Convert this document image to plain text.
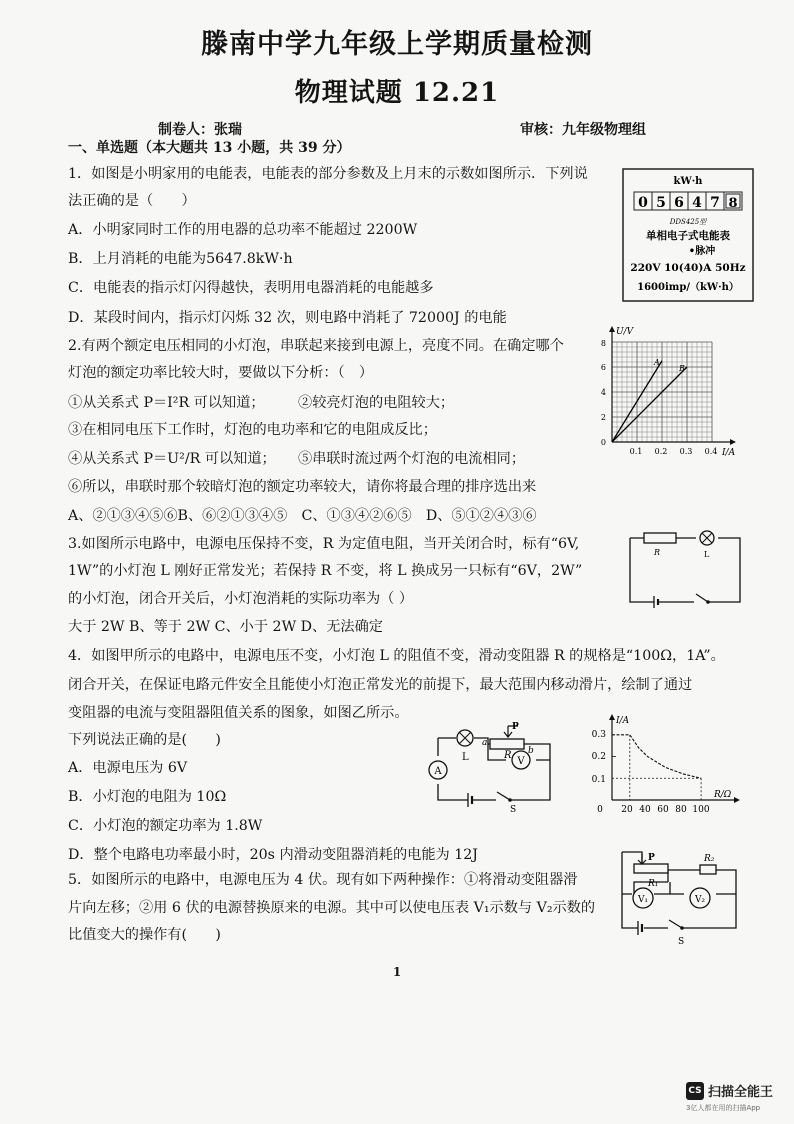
滕南中学九年级上学期质量检测
物理试题 12.21
制卷人：张瑞	审核：九年级物理组
一、单选题（本大题共 13 小题，共 39 分）
1．如图是小明家用的电能表，电能表的部分参数及上月末的示数如图所示．下列说
法正确的是（　　）
A．小明家同时工作的用电器的总功率不能超过 2200W
B．上月消耗的电能为5647.8kW·h
C．电能表的指示灯闪得越快，表明用电器消耗的电能越多
D．某段时间内，指示灯闪烁 32 次，则电路中消耗了 72000J 的电能
kW·h
0 5 6 4 7 8
DDS425型
单相电子式电能表
•脉冲
220V 10(40)A 50Hz
1600imp/（kW·h）
2.有两个额定电压相同的小灯泡，串联起来接到电源上，亮度不同。在确定哪个
灯泡的额定功率比较大时，要做以下分析：（　）
①从关系式 P＝I²R 可以知道； ②较亮灯泡的电阻较大；
③在相同电压下工作时，灯泡的电功率和它的电阻成反比；
④从关系式 P＝U²/R 可以知道； ⑤串联时流过两个灯泡的电流相同；
⑥所以，串联时那个较暗灯泡的额定功率较大，请你将最合理的排序选出来
A、②①③④⑤⑥B、⑥②①③④⑤　C、①③④②⑥⑤　D、⑤①②④③⑥
U/V
I/A
8
6
4
2
0
0.1 0.2 0.3 0.4
A
B
3.如图所示电路中，电源电压保持不变，R 为定值电阻，当开关闭合时，标有“6V,
1W”的小灯泡 L 刚好正常发光；若保持 R 不变，将 L 换成另一只标有“6V，2W”
的小灯泡，闭合开关后，小灯泡消耗的实际功率为（ ）
大于 2W B、等于 2W C、小于 2W D、无法确定
R	L
4．如图甲所示的电路中，电源电压不变，小灯泡 L 的阻值不变，滑动变阻器 R 的规格是“100Ω，1A”。
闭合开关，在保证电路元件安全且能使小灯泡正常发光的前提下，最大范围内移动滑片，绘制了通过
变阻器的电流与变阻器阻值关系的图象，如图乙所示。
下列说法正确的是(　　)
A．电源电压为 6V
B．小灯泡的电阻为 10Ω
C．小灯泡的额定功率为 1.8W
D．整个电路电功率最小时，20s 内滑动变阻器消耗的电能为 12J
L
P
a
R b
A
V
S
I/A
R/Ω
0.3
0.2
0.1
0 20 40 60 80 100
5．如图所示的电路中，电源电压为 4 伏。现有如下两种操作：①将滑动变阻器滑
片向左移；②用 6 伏的电源替换原来的电源。其中可以使电压表 V₁示数与 V₂示数的
比值变大的操作有(　　)
P
R₁
R₂
V₁	V₂
S
1
CS 扫描全能王
3亿人都在用的扫描App
